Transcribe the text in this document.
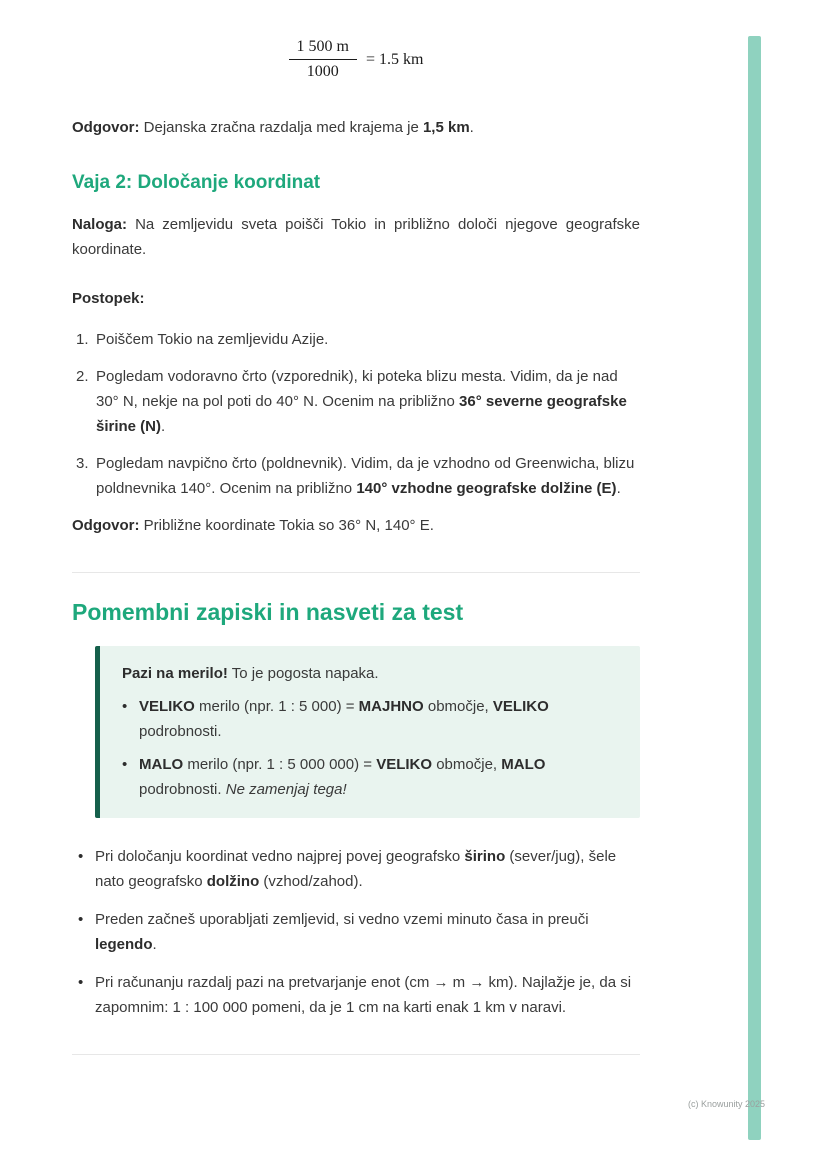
$\frac{1 500 m}{1000} = 1.5$ km

Odgovor: Dejanska zračna razdalja med krajema je 1,5 km.

Vaja 2: Določanje koordinat

Naloga: Na zemljevidu sveta poišči Tokio in približno določi njegove geografske koordinate.

Postopek:

1. Poiščem Tokio na zemljevidu Azije.
2. Pogledam vodoravno črto (vzporednik), ki poteka blizu mesta. Vidim, da je nad 30° N, nekje na pol poti do 40° N. Ocenim na približno 36° severne geografske širine (N).
3. Pogledam navpično črto (poldnevnik). Vidim, da je vzhodno od Greenwicha, blizu poldnevnika 140°. Ocenim na približno 140° vzhodne geografske dolžine (E).

Odgovor: Približne koordinate Tokia so 36° N, 140° E.

Pomembni zapiski in nasveti za test

Pazi na merilo! To je pogosta napaka.

•
VELIKO merilo (npr. 1 : 5 000) = MAJHNO območje, VELIKO podrobnosti.
•
MALO merilo (npr. 1 : 5 000 000) = VELIKO območje, MALO podrobnosti. Ne zamenjaj tega!
•
Pri določanju koordinat vedno najprej povej geografsko širino (sever/jug), šele nato geografsko dolžino (vzhod/zahod).
•
Preden začneš uporabljati zemljevid, si vedno vzemi minuto časa in preuči legendo.
•
Pri računanju razdalj pazi na pretvarjanje enot (cm → m → km). Najlažje je, da si zapomnim: 1 : 100 000 pomeni, da je 1 cm na karti enak 1 km v naravi.
(c) Knowunity 2025
